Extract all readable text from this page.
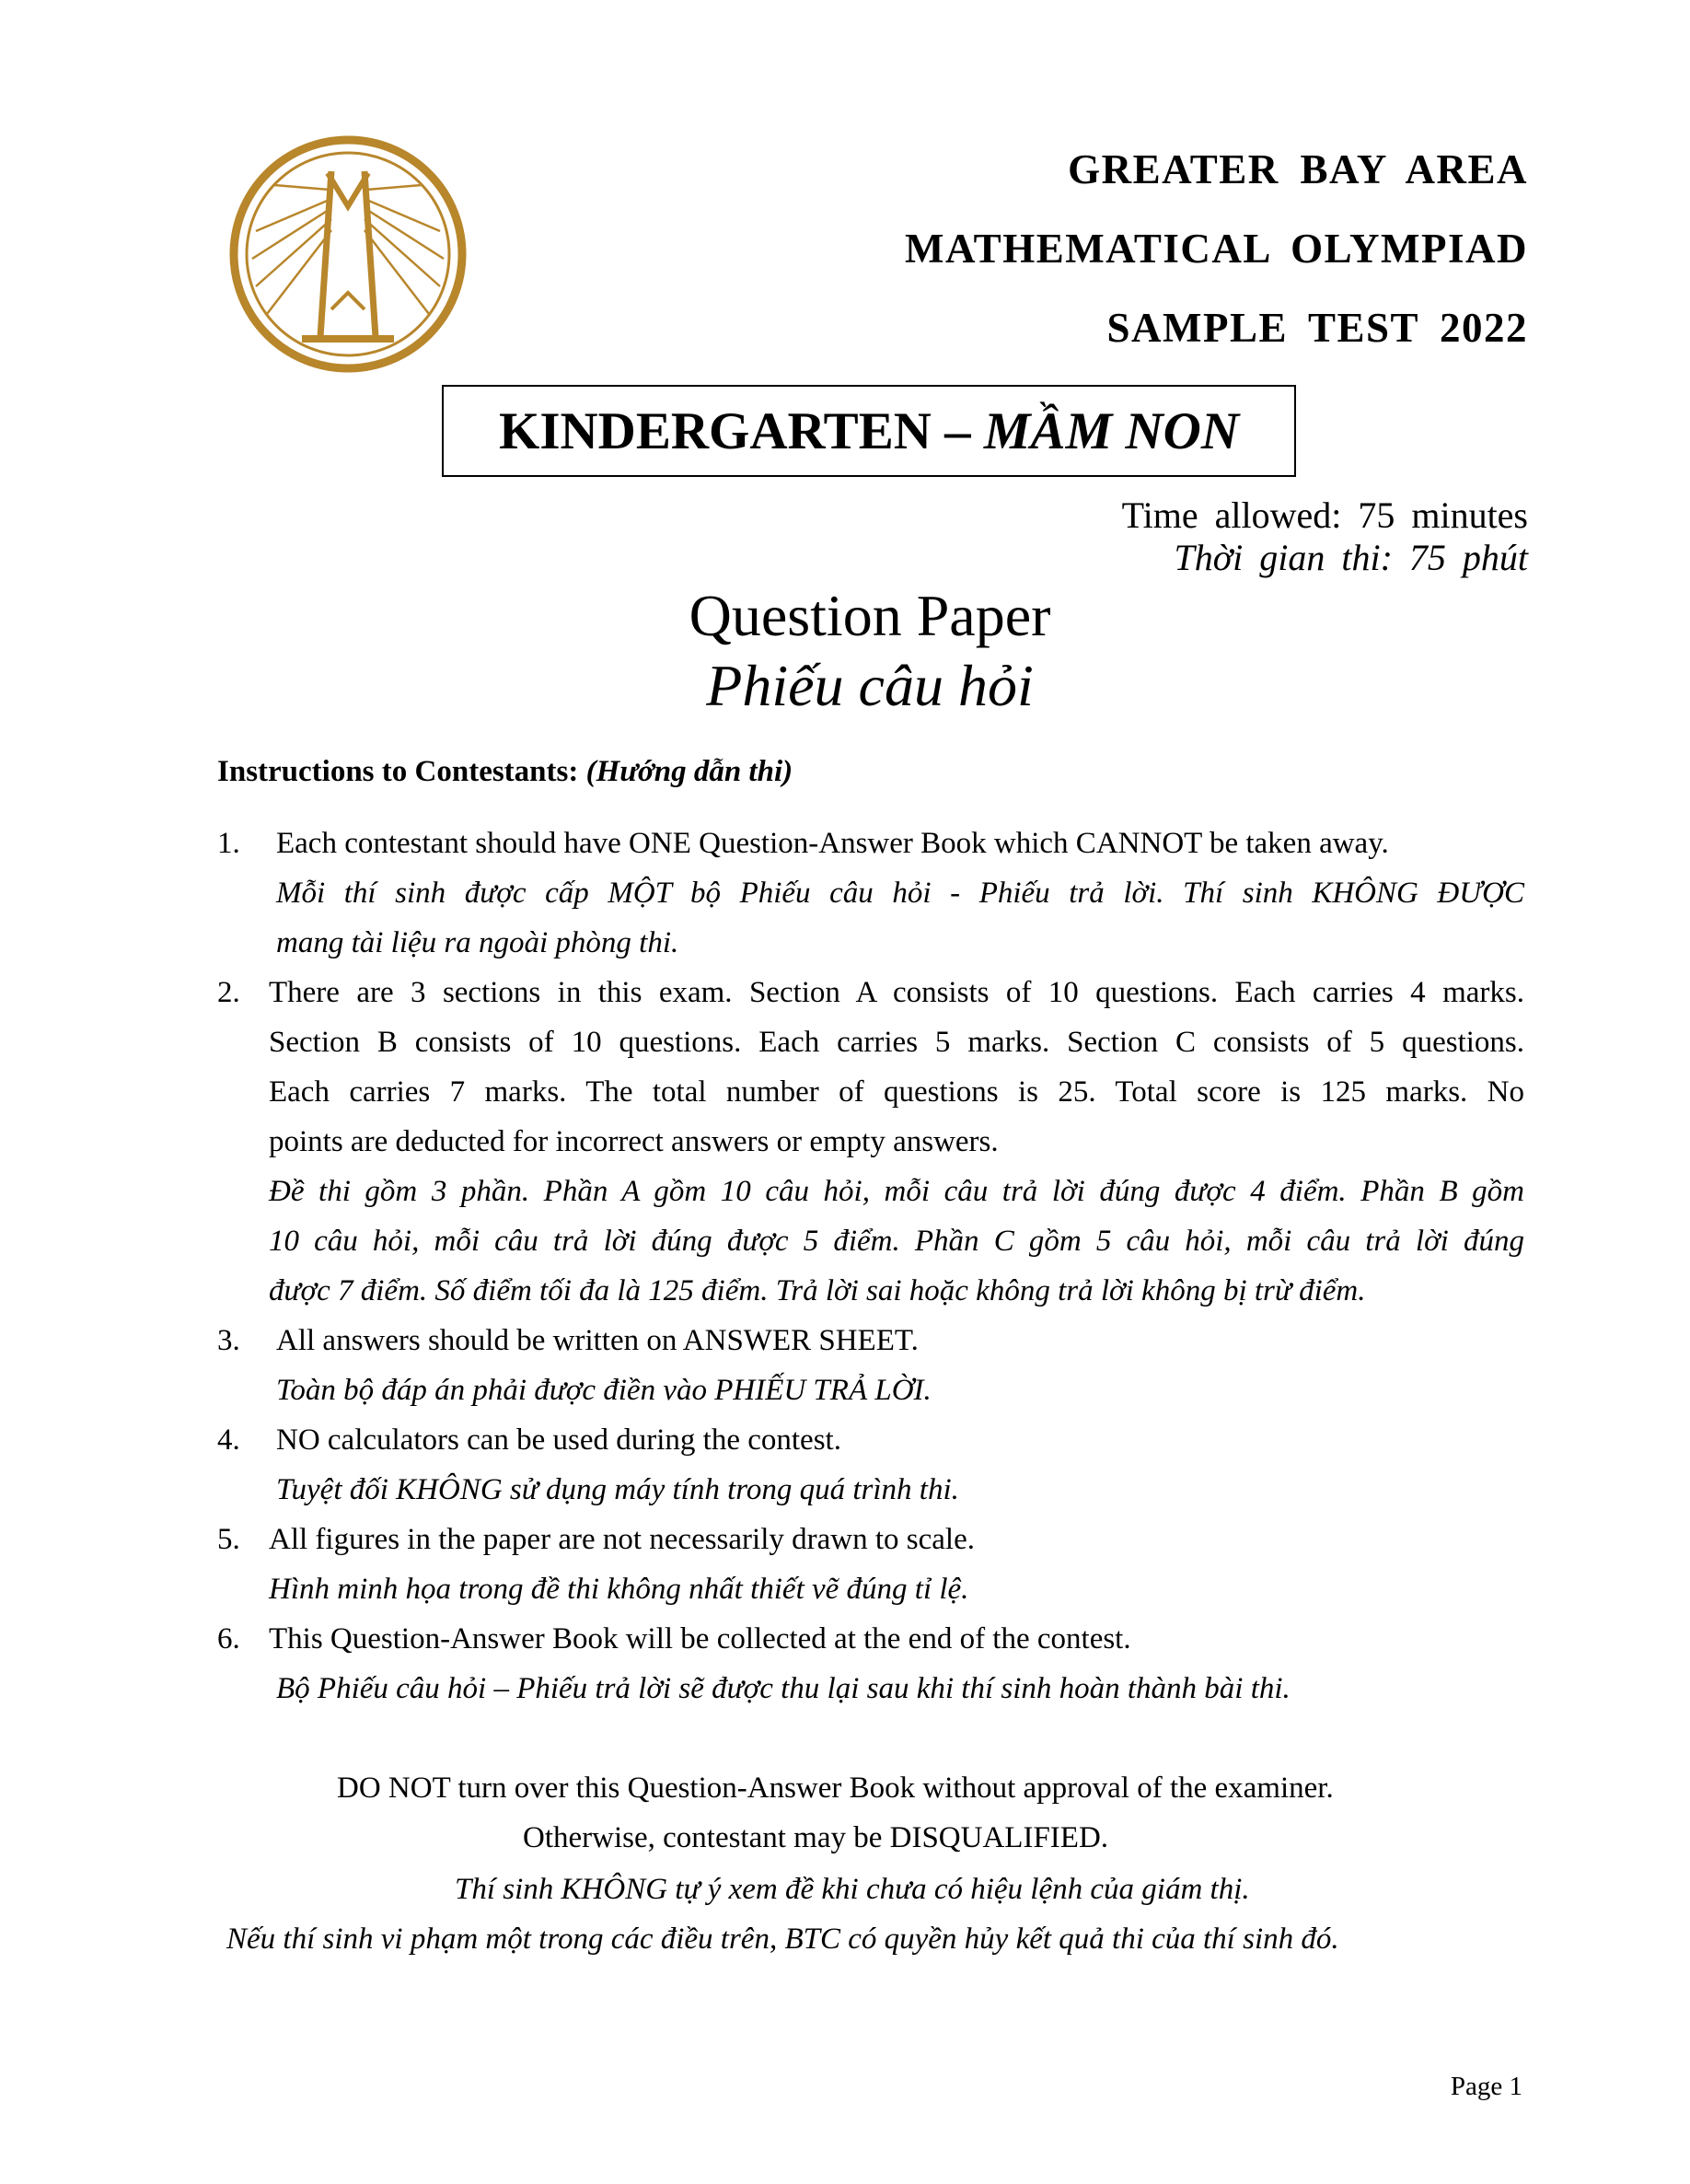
GREATER BAY AREA
MATHEMATICAL OLYMPIAD
SAMPLE TEST 2022
KINDERGARTEN –
MẦM NON
Time allowed: 75 minutes
Thời gian thi: 75 phút
Question Paper
Phiếu câu hỏi
Instructions to Contestants: (Hướng dẫn thi)
1. Each contestant should have ONE Question-Answer Book which CANNOT be taken away.
Mỗi thí sinh được cấp MỘT bộ Phiếu câu hỏi - Phiếu trả lời. Thí sinh KHÔNG ĐƯỢC
mang tài liệu ra ngoài phòng thi.
2. There are 3 sections in this exam. Section A consists of 10 questions. Each carries 4 marks.
Section B consists of 10 questions. Each carries 5 marks. Section C consists of 5 questions.
Each carries 7 marks. The total number of questions is 25. Total score is 125 marks. No
points are deducted for incorrect answers or empty answers.
Đề thi gồm 3 phần. Phần A gồm 10 câu hỏi, mỗi câu trả lời đúng được 4 điểm. Phần B gồm
10 câu hỏi, mỗi câu trả lời đúng được 5 điểm. Phần C gồm 5 câu hỏi, mỗi câu trả lời đúng
được 7 điểm. Số điểm tối đa là 125 điểm. Trả lời sai hoặc không trả lời không bị trừ điểm.
3. All answers should be written on ANSWER SHEET.
Toàn bộ đáp án phải được điền vào PHIẾU TRẢ LỜI.
4. NO calculators can be used during the contest.
Tuyệt đối KHÔNG sử dụng máy tính trong quá trình thi.
5. All figures in the paper are not necessarily drawn to scale.
Hình minh họa trong đề thi không nhất thiết vẽ đúng tỉ lệ.
6. This Question-Answer Book will be collected at the end of the contest.
Bộ Phiếu câu hỏi – Phiếu trả lời sẽ được thu lại sau khi thí sinh hoàn thành bài thi.
DO NOT turn over this Question-Answer Book without approval of the examiner.
Otherwise, contestant may be DISQUALIFIED.
Thí sinh KHÔNG tự ý xem đề khi chưa có hiệu lệnh của giám thị.
Nếu thí sinh vi phạm một trong các điều trên, BTC có quyền hủy kết quả thi của thí sinh đó.
Page 1
